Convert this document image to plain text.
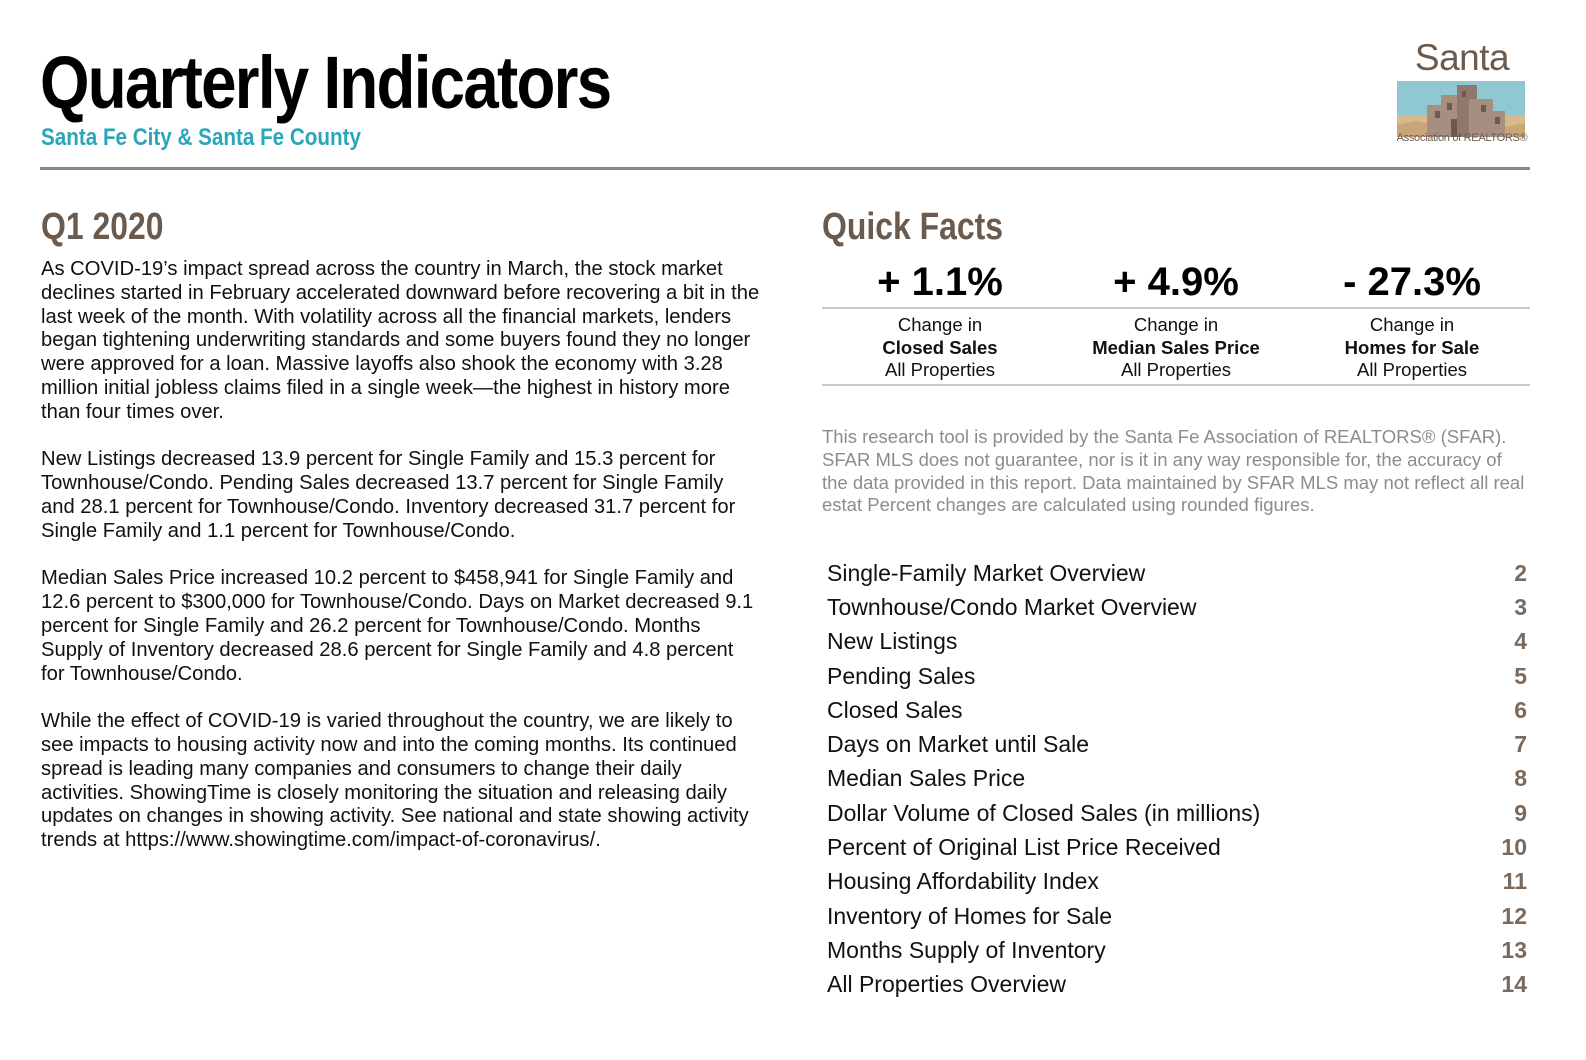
Quarterly Indicators
Santa Fe City & Santa Fe County
Santa
Association of REALTORS®
Q1 2020

As COVID-19’s impact spread across the country in March, the stock market declines started in February accelerated downward before recovering a bit in the last week of the month. With volatility across all the financial markets, lenders began tightening underwriting standards and some buyers found they no longer were approved for a loan. Massive layoffs also shook the economy with 3.28 million initial jobless claims filed in a single week—the highest in history more than four times over.

New Listings decreased 13.9 percent for Single Family and 15.3 percent for Townhouse/Condo. Pending Sales decreased 13.7 percent for Single Family and 28.1 percent for Townhouse/Condo. Inventory decreased 31.7 percent for Single Family and 1.1 percent for Townhouse/Condo.

Median Sales Price increased 10.2 percent to $458,941 for Single Family and 12.6 percent to $300,000 for Townhouse/Condo. Days on Market decreased 9.1 percent for Single Family and 26.2 percent for Townhouse/Condo. Months Supply of Inventory decreased 28.6 percent for Single Family and 4.8 percent for Townhouse/Condo.

While the effect of COVID-19 is varied throughout the country, we are likely to see impacts to housing activity now and into the coming months. Its continued spread is leading many companies and consumers to change their daily activities. ShowingTime is closely monitoring the situation and releasing daily updates on changes in showing activity. See national and state showing activity trends at https://www.showingtime.com/impact-of-coronavirus/.

Quick Facts
+ 1.1%	+ 4.9%	- 27.3%
Change in
Closed Sales
All Properties
Change in
Median Sales Price
All Properties
Change in
Homes for Sale
All Properties
This research tool is provided by the Santa Fe Association of REALTORS® (SFAR). SFAR MLS does not guarantee, nor is it in any way responsible for, the accuracy of the data provided in this report. Data maintained by SFAR MLS may not reflect all real estat Percent changes are calculated using rounded figures.
Single-Family Market Overview	2
Townhouse/Condo Market Overview	3
New Listings	4
Pending Sales	5
Closed Sales	6
Days on Market until Sale	7
Median Sales Price	8
Dollar Volume of Closed Sales (in millions)	9
Percent of Original List Price Received	10
Housing Affordability Index	11
Inventory of Homes for Sale	12
Months Supply of Inventory	13
All Properties Overview	14
